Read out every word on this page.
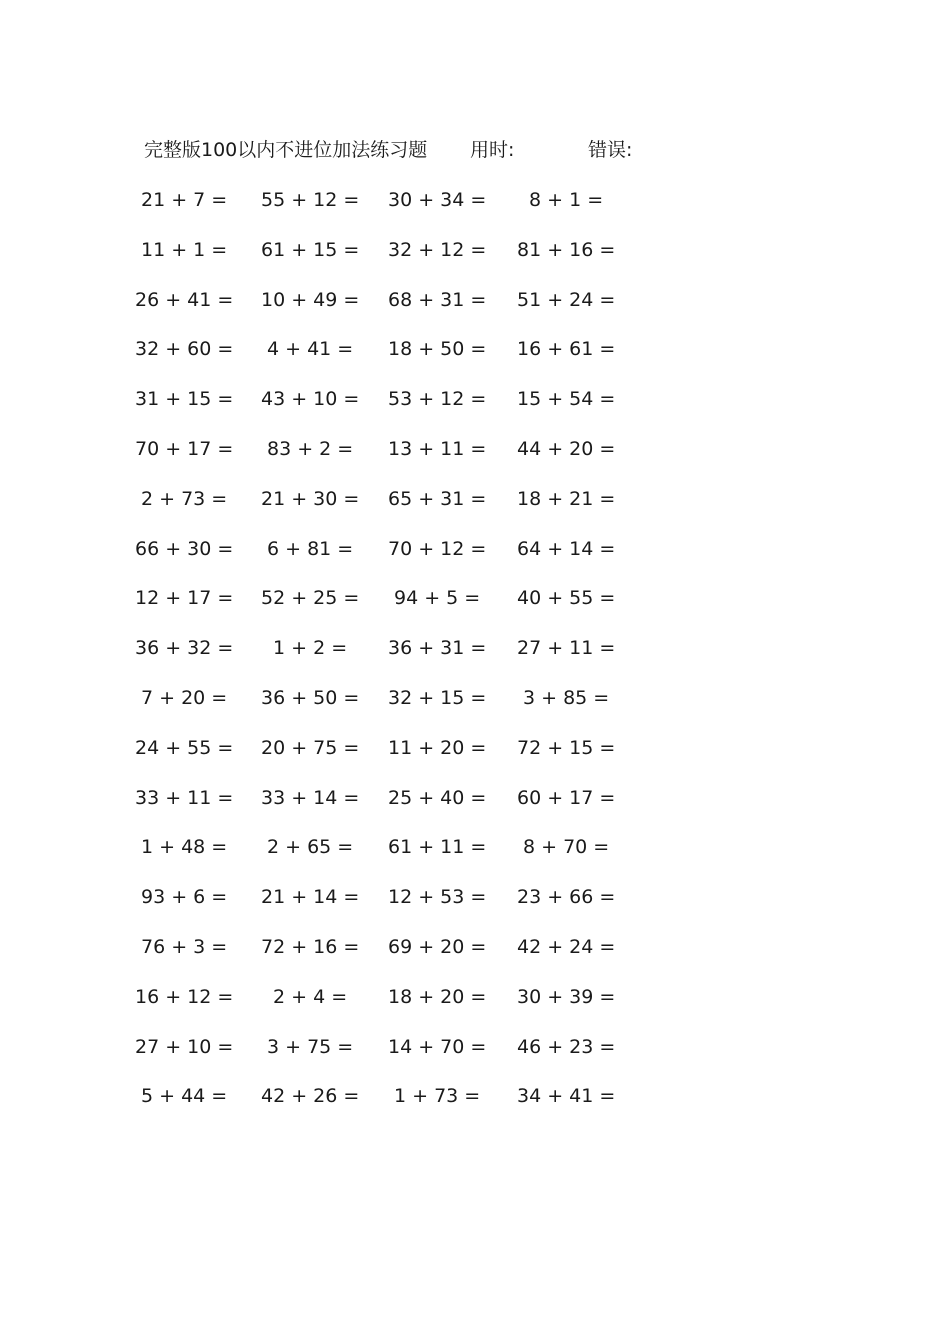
完整版100以内不进位加法练习题 用时:	错误:
21 + 7 = 55 + 12 = 30 + 34 = 8 + 1 =
11 + 1 = 61 + 15 = 32 + 12 = 81 + 16 =
26 + 41 = 10 + 49 = 68 + 31 = 51 + 24 =
32 + 60 = 4 + 41 = 18 + 50 = 16 + 61 =
31 + 15 = 43 + 10 = 53 + 12 = 15 + 54 =
70 + 17 = 83 + 2 = 13 + 11 = 44 + 20 =
2 + 73 = 21 + 30 = 65 + 31 = 18 + 21 =
66 + 30 = 6 + 81 = 70 + 12 = 64 + 14 =
12 + 17 = 52 + 25 = 94 + 5 = 40 + 55 =
36 + 32 = 1 + 2 = 36 + 31 = 27 + 11 =
7 + 20 = 36 + 50 = 32 + 15 = 3 + 85 =
24 + 55 = 20 + 75 = 11 + 20 = 72 + 15 =
33 + 11 = 33 + 14 = 25 + 40 = 60 + 17 =
1 + 48 = 2 + 65 = 61 + 11 = 8 + 70 =
93 + 6 = 21 + 14 = 12 + 53 = 23 + 66 =
76 + 3 = 72 + 16 = 69 + 20 = 42 + 24 =
16 + 12 = 2 + 4 = 18 + 20 = 30 + 39 =
27 + 10 = 3 + 75 = 14 + 70 = 46 + 23 =
5 + 44 = 42 + 26 = 1 + 73 = 34 + 41 =
